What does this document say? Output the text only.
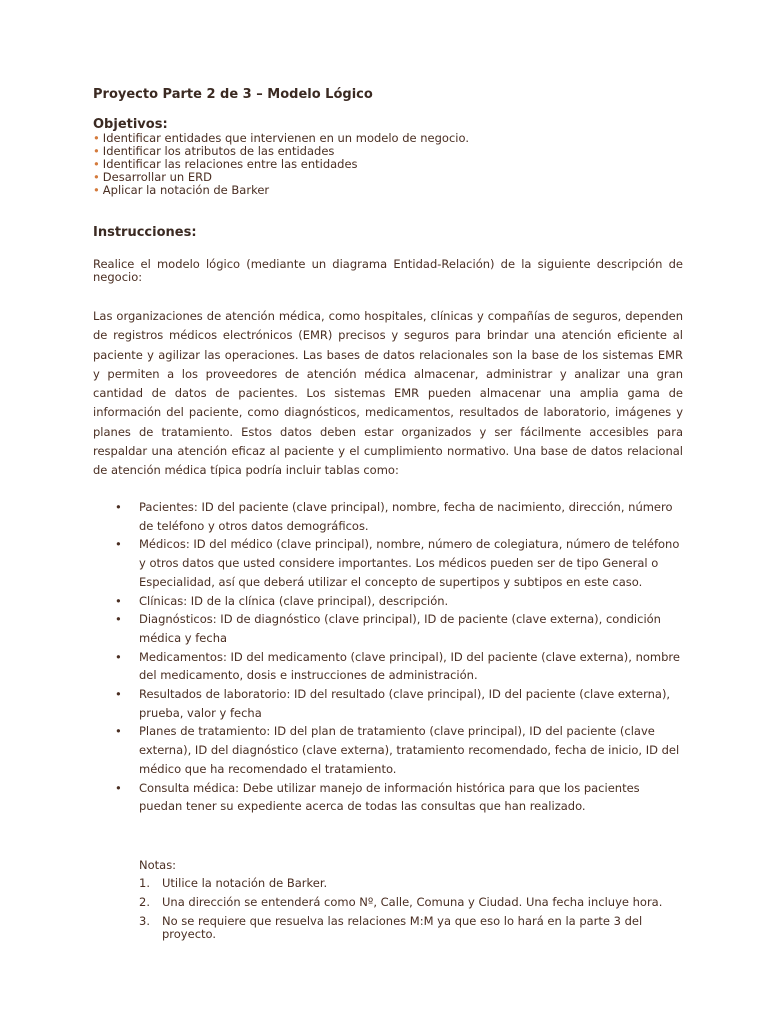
Proyecto Parte 2 de 3 – Modelo Lógico
Objetivos:
• Identificar entidades que intervienen en un modelo de negocio.
• Identificar los atributos de las entidades
• Identificar las relaciones entre las entidades
• Desarrollar un ERD
• Aplicar la notación de Barker
Instrucciones:

Realice el modelo lógico (mediante un diagrama Entidad-Relación) de la siguiente descripción de negocio:

Las organizaciones de atención médica, como hospitales, clínicas y compañías de seguros, dependen de registros médicos electrónicos (EMR) precisos y seguros para brindar una atención eficiente al paciente y agilizar las operaciones. Las bases de datos relacionales son la base de los sistemas EMR y permiten a los proveedores de atención médica almacenar, administrar y analizar una gran cantidad de datos de pacientes. Los sistemas EMR pueden almacenar una amplia gama de información del paciente, como diagnósticos, medicamentos, resultados de laboratorio, imágenes y planes de tratamiento. Estos datos deben estar organizados y ser fácilmente accesibles para respaldar una atención eficaz al paciente y el cumplimiento normativo. Una base de datos relacional de atención médica típica podría incluir tablas como:

• Pacientes: ID del paciente (clave principal), nombre, fecha de nacimiento, dirección, número de teléfono y otros datos demográficos.
• Médicos: ID del médico (clave principal), nombre, número de colegiatura, número de teléfono y otros datos que usted considere importantes. Los médicos pueden ser de tipo General o Especialidad, así que deberá utilizar el concepto de supertipos y subtipos en este caso.
• Clínicas: ID de la clínica (clave principal), descripción.
• Diagnósticos: ID de diagnóstico (clave principal), ID de paciente (clave externa), condición médica y fecha
• Medicamentos: ID del medicamento (clave principal), ID del paciente (clave externa), nombre del medicamento, dosis e instrucciones de administración.
• Resultados de laboratorio: ID del resultado (clave principal), ID del paciente (clave externa), prueba, valor y fecha
• Planes de tratamiento: ID del plan de tratamiento (clave principal), ID del paciente (clave externa), ID del diagnóstico (clave externa), tratamiento recomendado, fecha de inicio, ID del médico que ha recomendado el tratamiento.
• Consulta médica: Debe utilizar manejo de información histórica para que los pacientes puedan tener su expediente acerca de todas las consultas que han realizado.

Notas:

1. Utilice la notación de Barker.
2. Una dirección se entenderá como Nº, Calle, Comuna y Ciudad. Una fecha incluye hora.
3. No se requiere que resuelva las relaciones M:M ya que eso lo hará en la parte 3 del proyecto.
